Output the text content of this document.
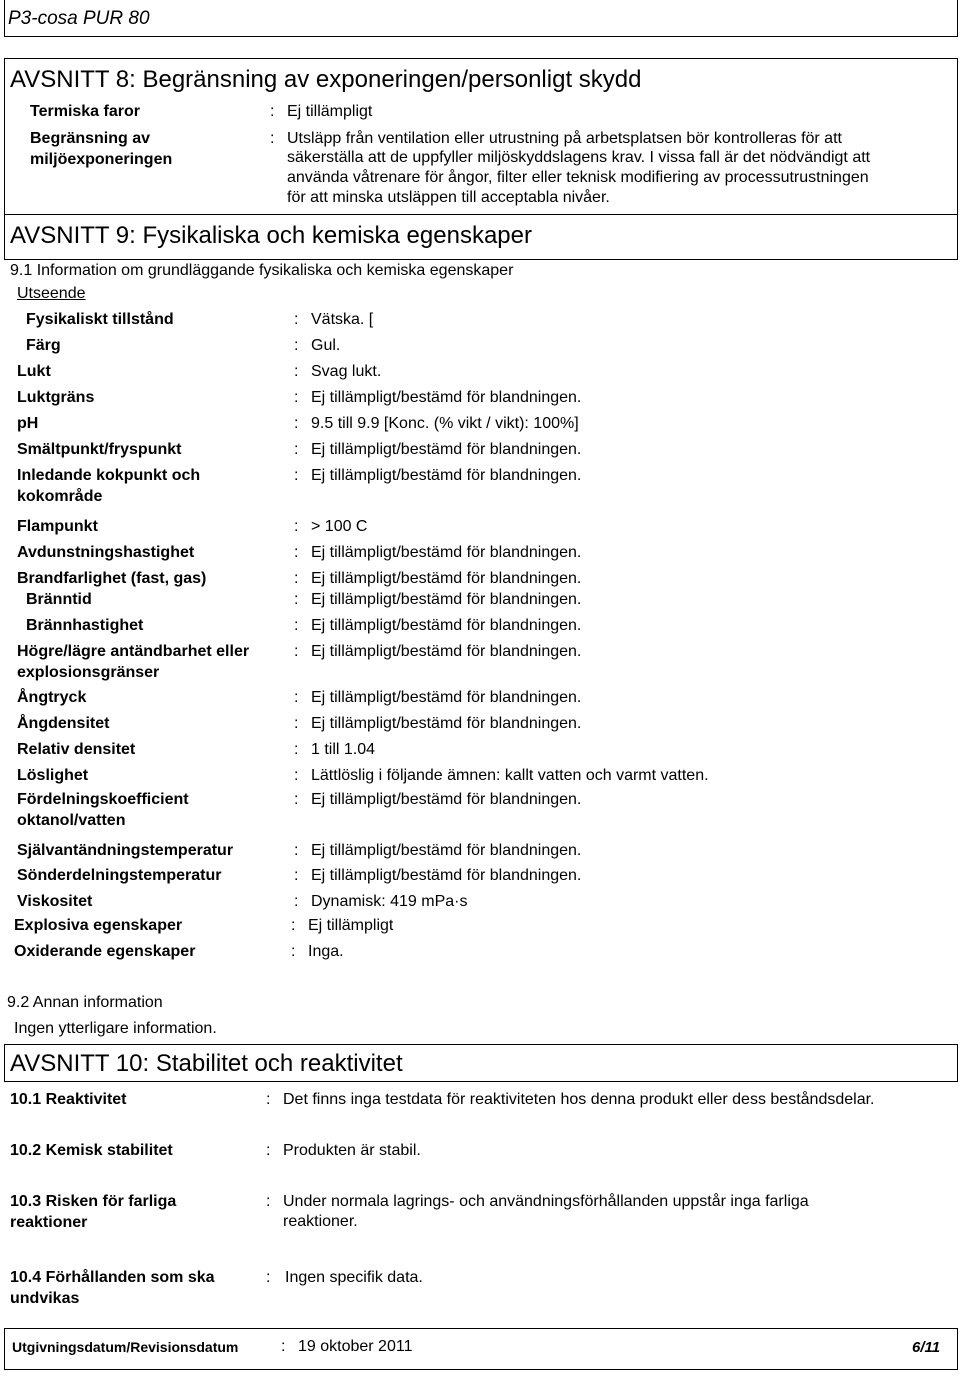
P3-cosa PUR 80
AVSNITT 8: Begränsning av exponeringen/personligt skydd
Termiska faror	: Ej tillämpligt
Begränsning av
miljöexponeringen
: Utsläpp från ventilation eller utrustning på arbetsplatsen bör kontrolleras för att
säkerställa att de uppfyller miljöskyddslagens krav. I vissa fall är det nödvändigt att
använda våtrenare för ångor, filter eller teknisk modifiering av processutrustningen
för att minska utsläppen till acceptabla nivåer.
AVSNITT 9: Fysikaliska och kemiska egenskaper
9.1 Information om grundläggande fysikaliska och kemiska egenskaper
Utseende
Fysikaliskt tillstånd	: Vätska. [
Färg	: Gul.
Lukt	: Svag lukt.
Luktgräns	: Ej tillämpligt/bestämd för blandningen.
pH	: 9.5 till 9.9 [Konc. (% vikt / vikt): 100%]
Smältpunkt/fryspunkt	: Ej tillämpligt/bestämd för blandningen.
Inledande kokpunkt och
kokområde
: Ej tillämpligt/bestämd för blandningen.
Flampunkt	: > 100 C
Avdunstningshastighet	: Ej tillämpligt/bestämd för blandningen.
Brandfarlighet (fast, gas)	: Ej tillämpligt/bestämd för blandningen.
Bränntid	: Ej tillämpligt/bestämd för blandningen.
Brännhastighet	: Ej tillämpligt/bestämd för blandningen.
Högre/lägre antändbarhet eller
explosionsgränser
: Ej tillämpligt/bestämd för blandningen.
Ångtryck	: Ej tillämpligt/bestämd för blandningen.
Ångdensitet	: Ej tillämpligt/bestämd för blandningen.
Relativ densitet	: 1 till 1.04
Löslighet	: Lättlöslig i följande ämnen: kallt vatten och varmt vatten.
Fördelningskoefficient
oktanol/vatten
: Ej tillämpligt/bestämd för blandningen.
Självantändningstemperatur	: Ej tillämpligt/bestämd för blandningen.
Sönderdelningstemperatur	: Ej tillämpligt/bestämd för blandningen.
Viskositet	: Dynamisk: 419 mPa·s
Explosiva egenskaper	: Ej tillämpligt
Oxiderande egenskaper	: Inga.
9.2 Annan information
Ingen ytterligare information.
AVSNITT 10: Stabilitet och reaktivitet
10.1 Reaktivitet	: Det finns inga testdata för reaktiviteten hos denna produkt eller dess beståndsdelar.
10.2 Kemisk stabilitet	: Produkten är stabil.
10.3 Risken för farliga
reaktioner
: Under normala lagrings- och användningsförhållanden uppstår inga farliga
reaktioner.
10.4 Förhållanden som ska
undvikas
: Ingen specifik data.
Utgivningsdatum/Revisionsdatum	: 19 oktober 2011	6/11
